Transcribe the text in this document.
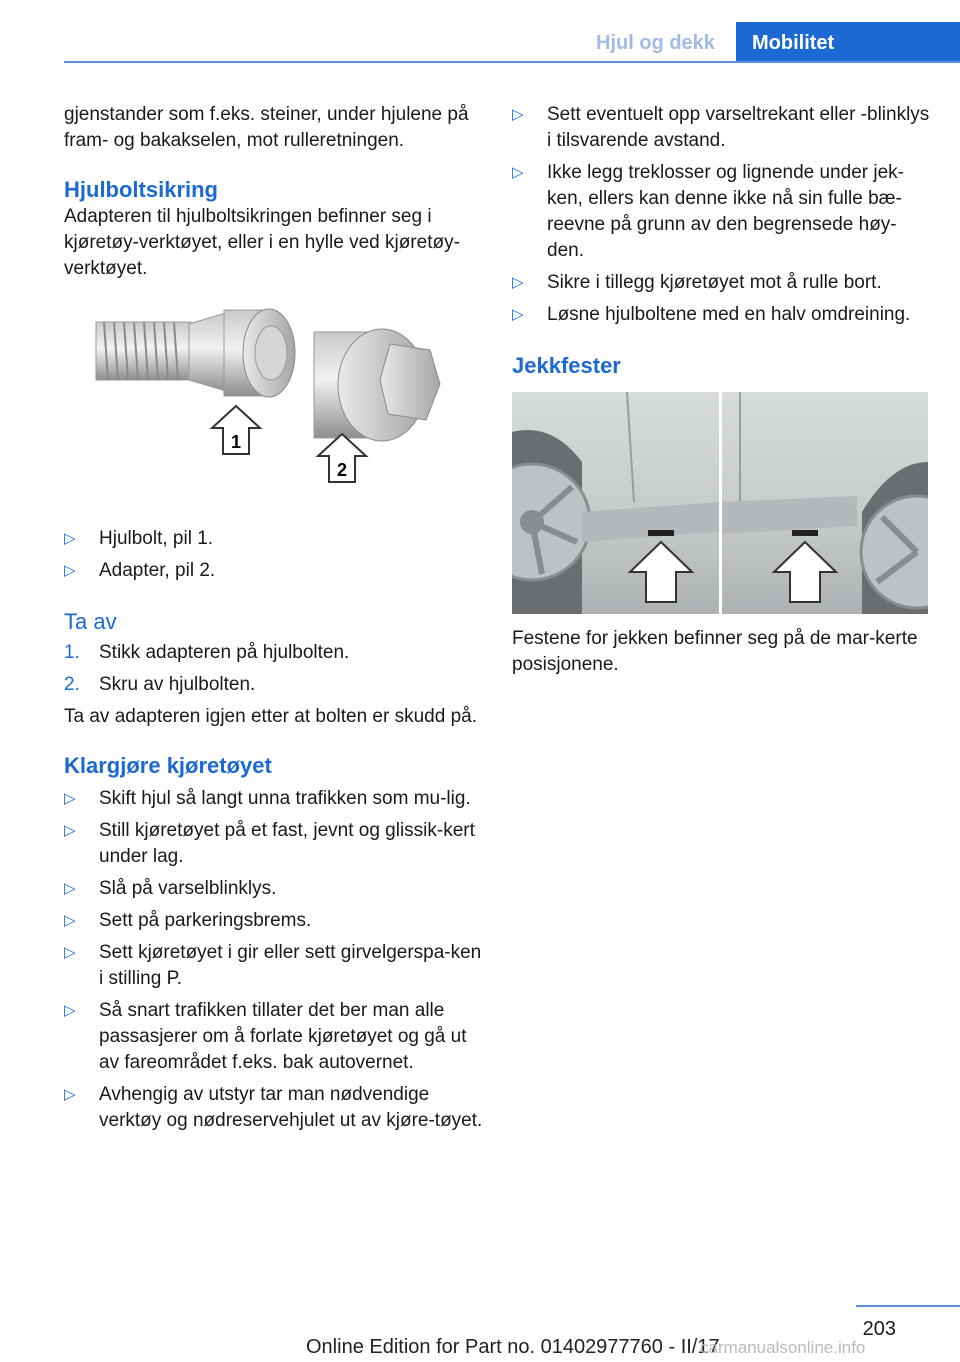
Hjul og dekk Mobilitet

gjenstander som f.eks. steiner, under hjulene på fram- og bakakselen, mot rulleretningen.

Hjulboltsikring

Adapteren til hjulboltsikringen befinner seg i kjøretøy-verktøyet, eller i en hylle ved kjøretøy-verktøyet.

1
2
▷ Hjulbolt, pil 1.
▷ Adapter, pil 2.

Ta av

1. Stikk adapteren på hjulbolten.
2. Skru av hjulbolten.

Ta av adapteren igjen etter at bolten er skudd på.

Klargjøre kjøretøyet

▷ Skift hjul så langt unna trafikken som mu-lig.
▷ Still kjøretøyet på et fast, jevnt og glissik-kert under lag.
▷ Slå på varselblinklys.
▷ Sett på parkeringsbrems.
▷ Sett kjøretøyet i gir eller sett girvelgerspa-ken i stilling P.
▷ Så snart trafikken tillater det ber man alle passasjerer om å forlate kjøretøyet og gå ut av fareområdet f.eks. bak autovernet.
▷ Avhengig av utstyr tar man nødvendige verktøy og nødreservehjulet ut av kjøre-tøyet.
▷ Sett eventuelt opp varseltrekant eller -blinklys i tilsvarende avstand.
▷ Ikke legg treklosser og lignende under jek-ken, ellers kan denne ikke nå sin fulle bæ-reevne på grunn av den begrensede høy-den.
▷ Sikre i tillegg kjøretøyet mot å rulle bort.
▷ Løsne hjulboltene med en halv omdreining.

Jekkfester

Festene for jekken befinner seg på de mar-kerte posisjonene.

203
Online Edition for Part no. 01402977760 - II/17
carmanualsonline.info
